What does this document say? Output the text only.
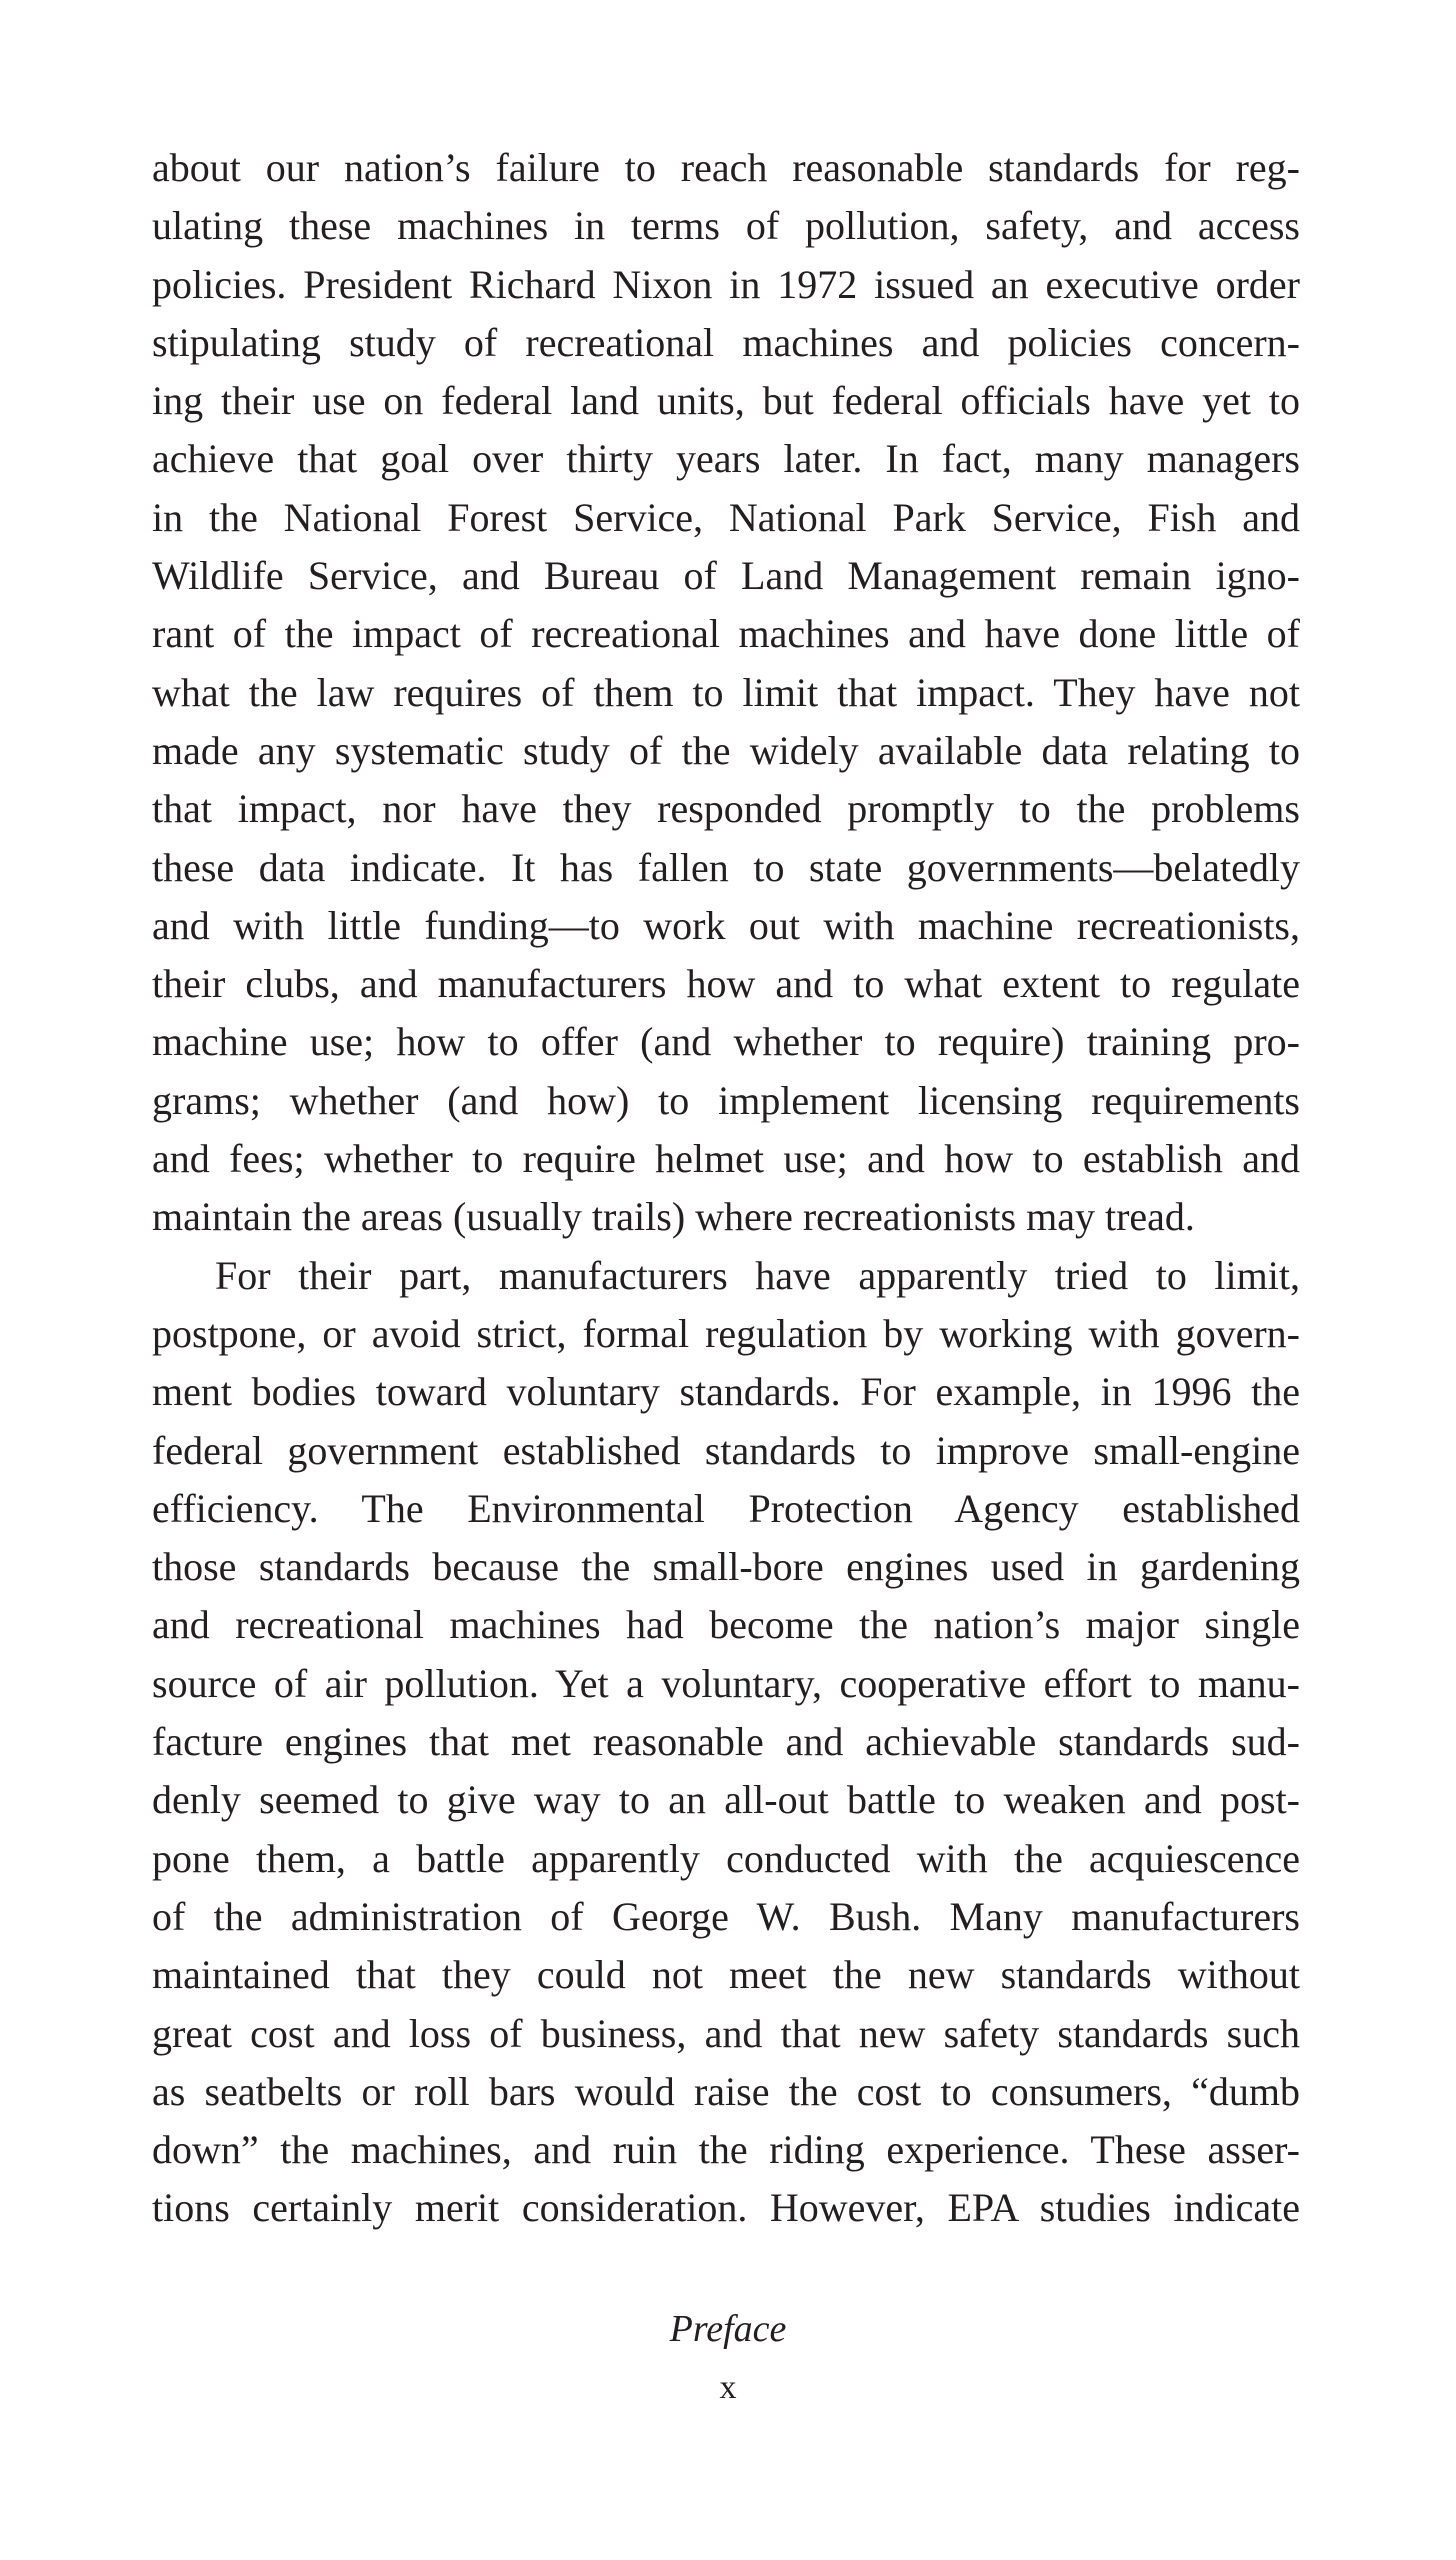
about our nation’s failure to reach reasonable standards for reg-
ulating these machines in terms of pollution, safety, and access
policies. President Richard Nixon in 1972 issued an executive order
stipulating study of recreational machines and policies concern-
ing their use on federal land units, but federal officials have yet to
achieve that goal over thirty years later. In fact, many managers
in the National Forest Service, National Park Service, Fish and
Wildlife Service, and Bureau of Land Management remain igno-
rant of the impact of recreational machines and have done little of
what the law requires of them to limit that impact. They have not
made any systematic study of the widely available data relating to
that impact, nor have they responded promptly to the problems
these data indicate. It has fallen to state governments—belatedly
and with little funding—to work out with machine recreationists,
their clubs, and manufacturers how and to what extent to regulate
machine use; how to offer (and whether to require) training pro-
grams; whether (and how) to implement licensing requirements
and fees; whether to require helmet use; and how to establish and
maintain the areas (usually trails) where recreationists may tread.
For their part, manufacturers have apparently tried to limit,
postpone, or avoid strict, formal regulation by working with govern-
ment bodies toward voluntary standards. For example, in 1996 the
federal government established standards to improve small-engine
efficiency. The Environmental Protection Agency established
those standards because the small-bore engines used in gardening
and recreational machines had become the nation’s major single
source of air pollution. Yet a voluntary, cooperative effort to manu-
facture engines that met reasonable and achievable standards sud-
denly seemed to give way to an all-out battle to weaken and post-
pone them, a battle apparently conducted with the acquiescence
of the administration of George W. Bush. Many manufacturers
maintained that they could not meet the new standards without
great cost and loss of business, and that new safety standards such
as seatbelts or roll bars would raise the cost to consumers, “dumb
down” the machines, and ruin the riding experience. These asser-
tions certainly merit consideration. However, EPA studies indicate
Preface
x
